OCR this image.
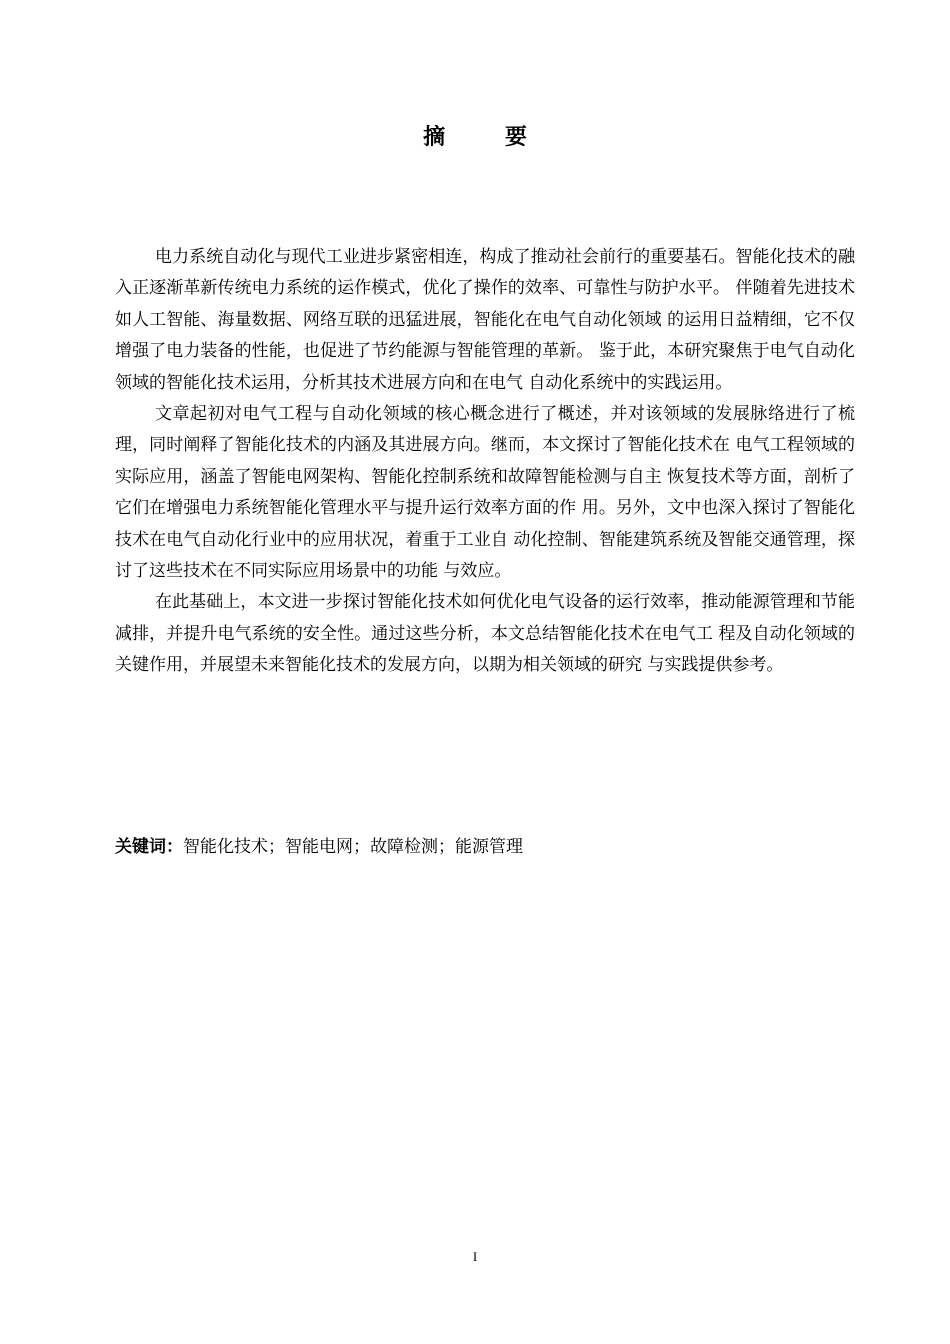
摘 要

电力系统自动化与现代工业进步紧密相连，构成了推动社会前行的重要基石。智能化技术的融入正逐渐革新传统电力系统的运作模式，优化了操作的效率、可靠性与防护水平。 伴随着先进技术如人工智能、海量数据、网络互联的迅猛进展，智能化在电气自动化领域 的运用日益精细，它不仅增强了电力装备的性能，也促进了节约能源与智能管理的革新。 鉴于此，本研究聚焦于电气自动化领域的智能化技术运用，分析其技术进展方向和在电气 自动化系统中的实践运用。

文章起初对电气工程与自动化领域的核心概念进行了概述，并对该领域的发展脉络进行了梳理，同时阐释了智能化技术的内涵及其进展方向。继而，本文探讨了智能化技术在 电气工程领域的实际应用，涵盖了智能电网架构、智能化控制系统和故障智能检测与自主 恢复技术等方面，剖析了它们在增强电力系统智能化管理水平与提升运行效率方面的作 用。另外，文中也深入探讨了智能化技术在电气自动化行业中的应用状况，着重于工业自 动化控制、智能建筑系统及智能交通管理，探讨了这些技术在不同实际应用场景中的功能 与效应。

在此基础上，本文进一步探讨智能化技术如何优化电气设备的运行效率，推动能源管理和节能减排，并提升电气系统的安全性。通过这些分析，本文总结智能化技术在电气工 程及自动化领域的关键作用，并展望未来智能化技术的发展方向，以期为相关领域的研究 与实践提供参考。

关键词：智能化技术；智能电网；故障检测；能源管理
I
